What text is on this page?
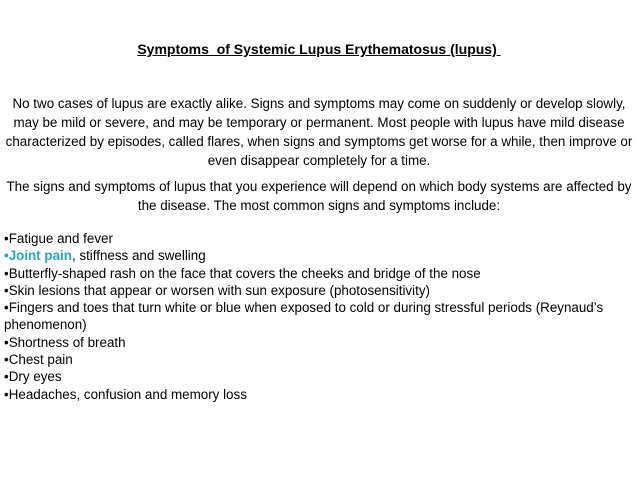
Symptoms  of Systemic Lupus Erythematosus (lupus)

No two cases of lupus are exactly alike. Signs and symptoms may come on suddenly or develop slowly, may be mild or severe, and may be temporary or permanent. Most people with lupus have mild disease characterized by episodes, called flares, when signs and symptoms get worse for a while, then improve or even disappear completely for a time.

The signs and symptoms of lupus that you experience will depend on which body systems are affected by the disease. The most common signs and symptoms include:

•Fatigue and fever
•Joint pain, stiffness and swelling
•Butterfly-shaped rash on the face that covers the cheeks and bridge of the nose
•Skin lesions that appear or worsen with sun exposure (photosensitivity)
•Fingers and toes that turn white or blue when exposed to cold or during stressful periods (Reynaud’s phenomenon)
•Shortness of breath
•Chest pain
•Dry eyes
•Headaches, confusion and memory loss
